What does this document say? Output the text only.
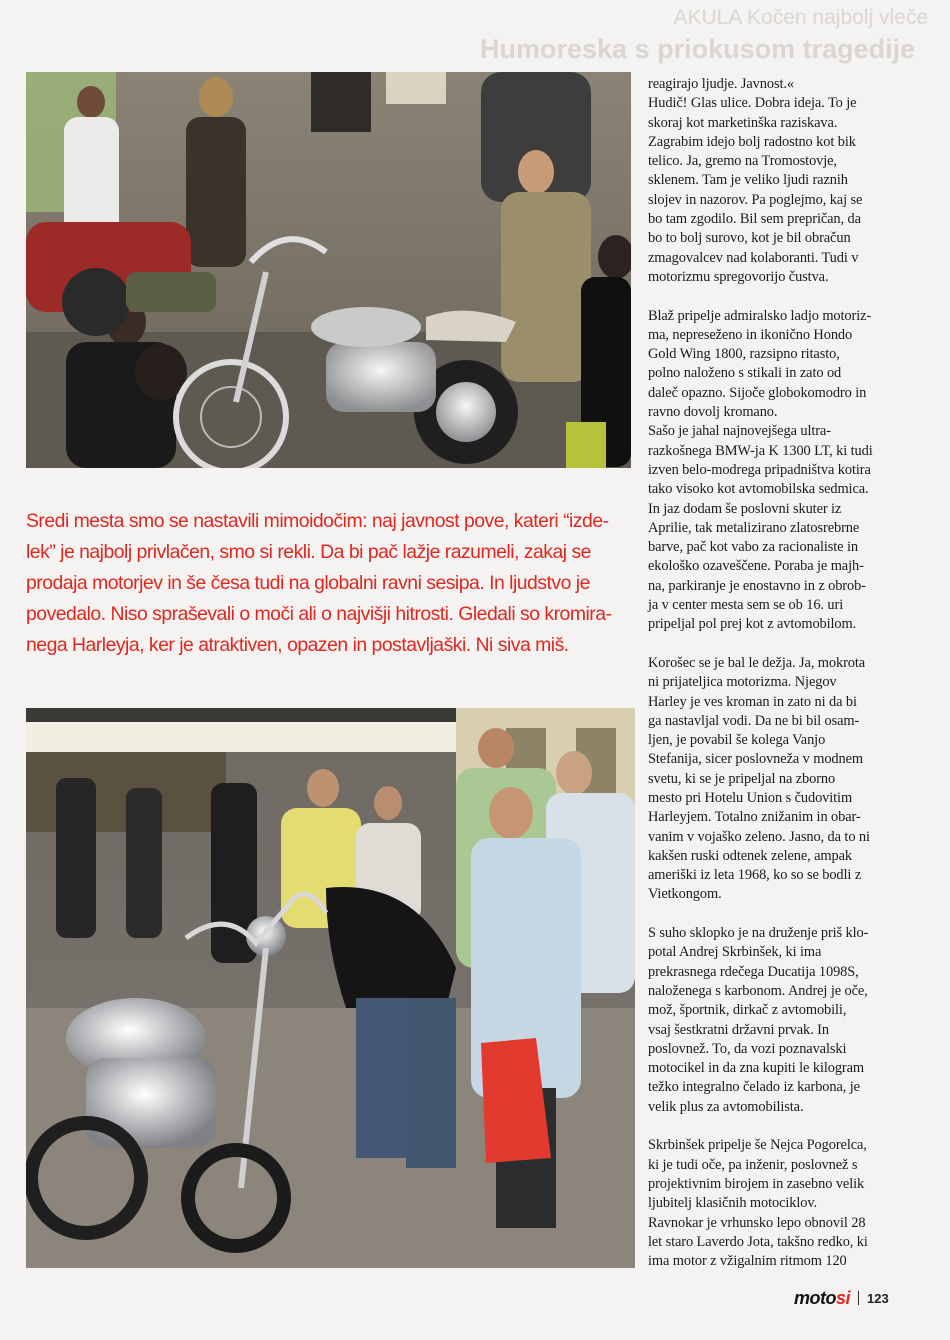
AKULA Kočen najbolj vleče
Humoreska s priokusom tragedije

Sredi mesta smo se nastavili mimoidočim: naj javnost pove, kateri “izde-

lek” je najbolj privlačen, smo si rekli. Da bi pač lažje razumeli, zakaj se

prodaja motorjev in še česa tudi na globalni ravni sesipa. In ljudstvo je

povedalo. Niso spraševali o moči ali o najvišji hitrosti. Gledali so kromira-

nega Harleyja, ker je atraktiven, opazen in postavljaški. Ni siva miš.

reagirajo ljudje. Javnost.«

Hudič! Glas ulice. Dobra ideja. To je

skoraj kot marketinška raziskava.

Zagrabim idejo bolj radostno kot bik

telico. Ja, gremo na Tromostovje,

sklenem. Tam je veliko ljudi raznih

slojev in nazorov. Pa poglejmo, kaj se

bo tam zgodilo. Bil sem prepričan, da

bo to bolj surovo, kot je bil obračun

zmagovalcev nad kolaboranti. Tudi v

motorizmu spregovorijo čustva.

Blaž pripelje admiralsko ladjo motoriz-

ma, nepreseženo in ikonično Hondo

Gold Wing 1800, razsipno ritasto,

polno naloženo s stikali in zato od

daleč opazno. Sijoče globokomodro in

ravno dovolj kromano.

Sašo je jahal najnovejšega ultra-

razkošnega BMW-ja K 1300 LT, ki tudi

izven belo-modrega pripadništva kotira

tako visoko kot avtomobilska sedmica.

In jaz dodam še poslovni skuter iz

Aprilie, tak metalizirano zlatosrebrne

barve, pač kot vabo za racionaliste in

ekološko ozaveščene. Poraba je majh-

na, parkiranje je enostavno in z obrob-

ja v center mesta sem se ob 16. uri

pripeljal pol prej kot z avtomobilom.

Korošec se je bal le dežja. Ja, mokrota

ni prijateljica motorizma. Njegov

Harley je ves kroman in zato ni da bi

ga nastavljal vodi. Da ne bi bil osam-

ljen, je povabil še kolega Vanjo

Stefanija, sicer poslovneža v modnem

svetu, ki se je pripeljal na zborno

mesto pri Hotelu Union s čudovitim

Harleyjem. Totalno znižanim in obar-

vanim v vojaško zeleno. Jasno, da to ni

kakšen ruski odtenek zelene, ampak

ameriški iz leta 1968, ko so se bodli z

Vietkongom.

S suho sklopko je na druženje priš klo-

potal Andrej Skrbinšek, ki ima

prekrasnega rdečega Ducatija 1098S,

naloženega s karbonom. Andrej je oče,

mož, športnik, dirkač z avtomobili,

vsaj šestkratni državni prvak. In

poslovnež. To, da vozi poznavalski

motocikel in da zna kupiti le kilogram

težko integralno čelado iz karbona, je

velik plus za avtomobilista.

Skrbinšek pripelje še Nejca Pogorelca,

ki je tudi oče, pa inženir, poslovnež s

projektivnim birojem in zasebno velik

ljubitelj klasičnih motociklov.

Ravnokar je vrhunsko lepo obnovil 28

let staro Laverdo Jota, takšno redko, ki

ima motor z vžigalnim ritmom 120

motosi 123
